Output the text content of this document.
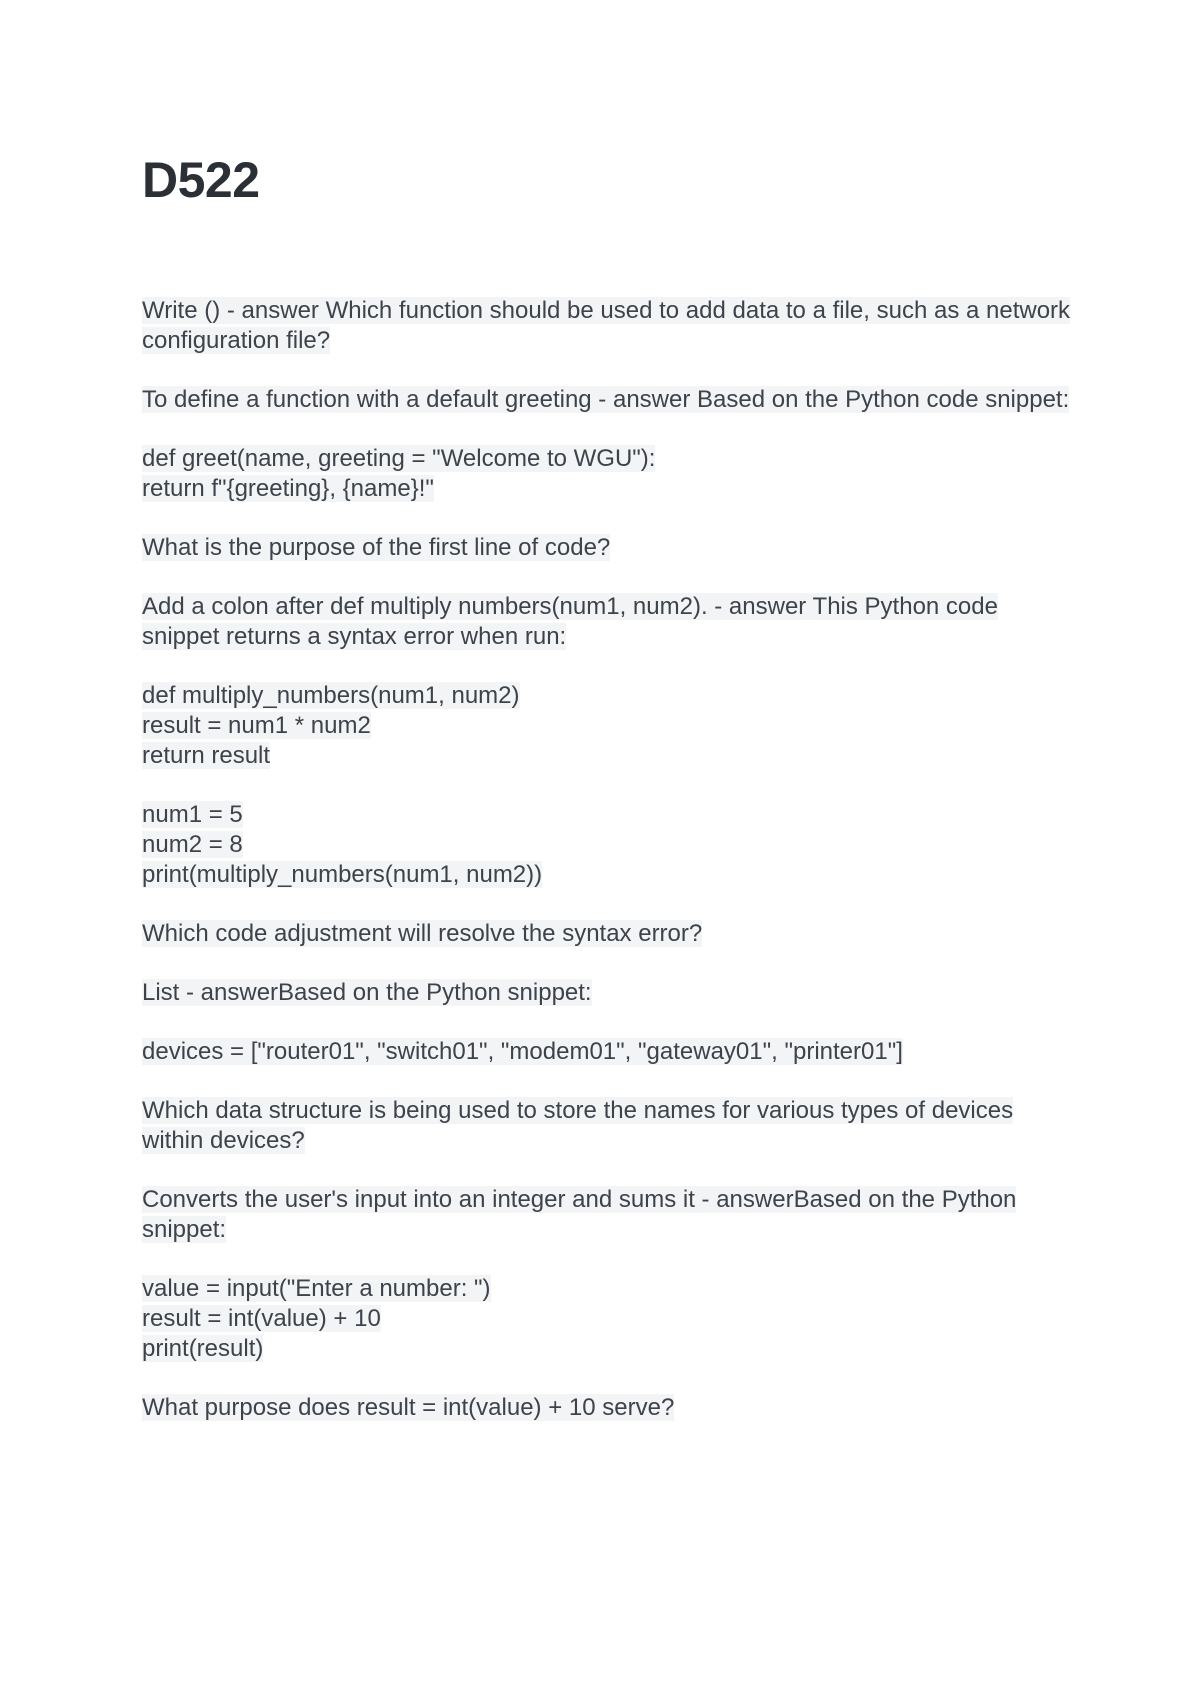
D522
Write () - answer Which function should be used to add data to a file, such as a network
configuration file?
To define a function with a default greeting - answer Based on the Python code snippet:
def greet(name, greeting = "Welcome to WGU"):
return f"{greeting}, {name}!"
What is the purpose of the first line of code?
Add a colon after def multiply numbers(num1, num2). - answer This Python code
snippet returns a syntax error when run:
def multiply_numbers(num1, num2)
result = num1 * num2
return result
num1 = 5
num2 = 8
print(multiply_numbers(num1, num2))
Which code adjustment will resolve the syntax error?
List - answerBased on the Python snippet:
devices = ["router01", "switch01", "modem01", "gateway01", "printer01"]
Which data structure is being used to store the names for various types of devices
within devices?
Converts the user's input into an integer and sums it - answerBased on the Python
snippet:
value = input("Enter a number: ")
result = int(value) + 10
print(result)
What purpose does result = int(value) + 10 serve?
